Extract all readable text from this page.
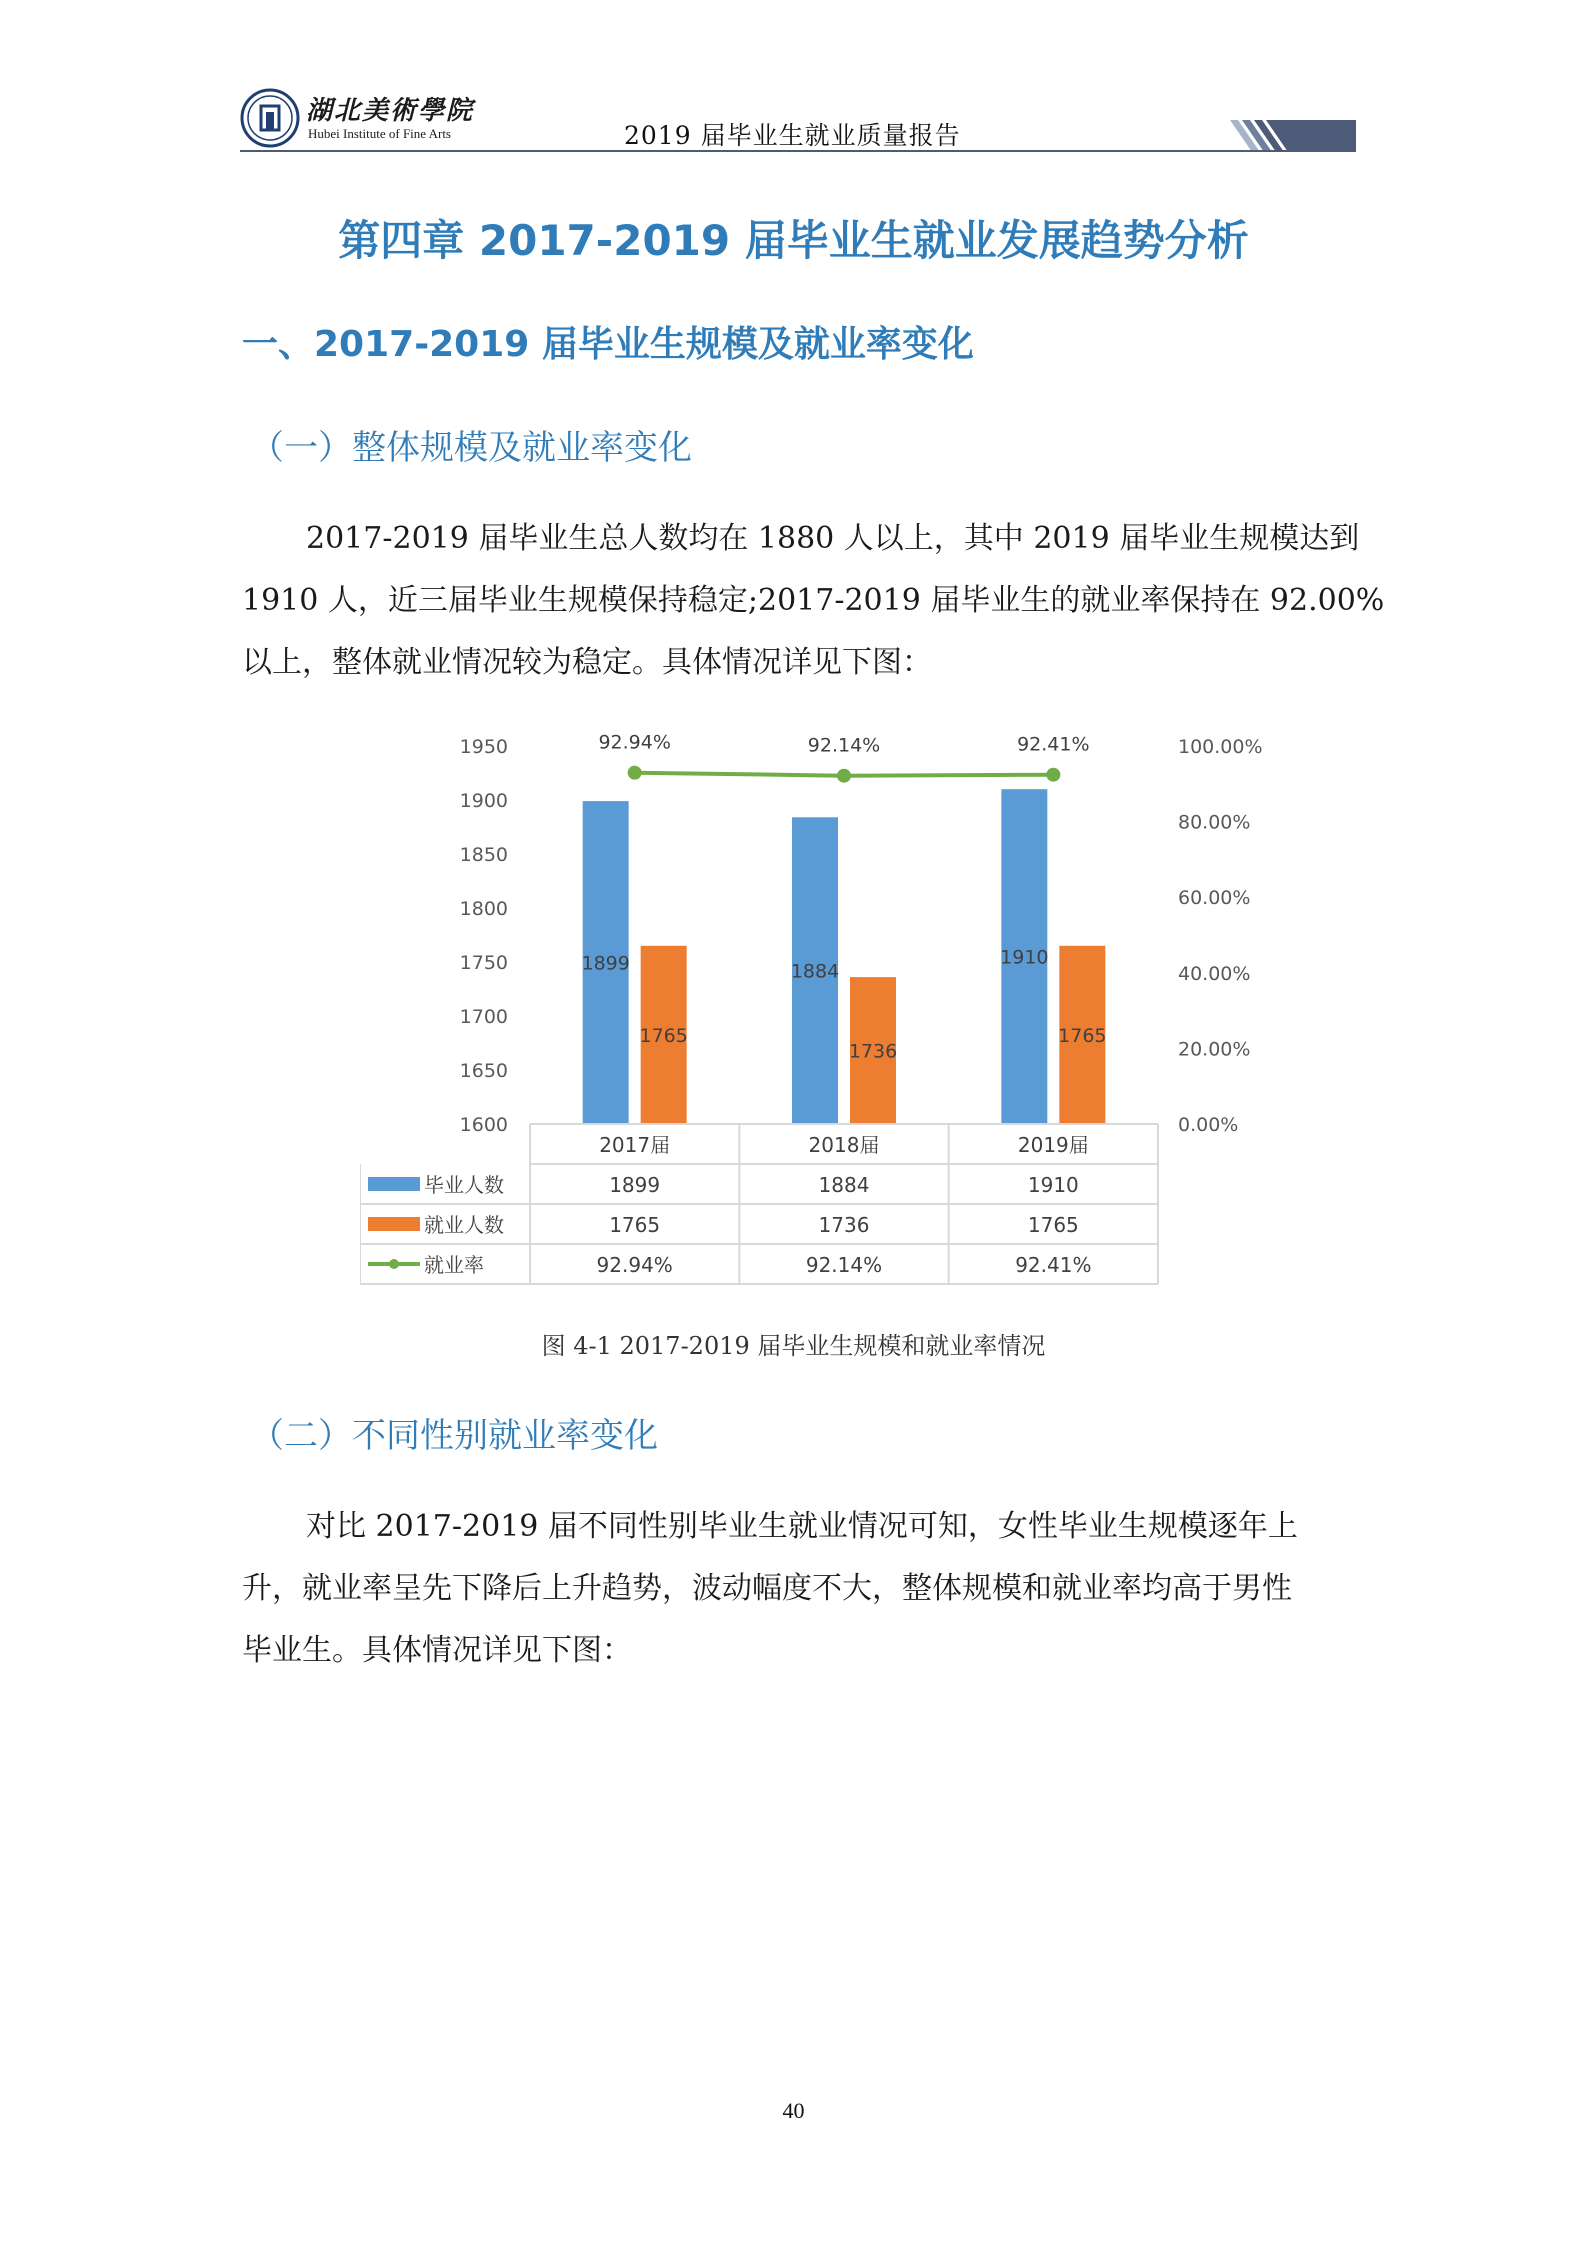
湖北美術學院
Hubei Institute of Fine Arts	2019 届毕业生就业质量报告
第四章 2017-2019 届毕业生就业发展趋势分析
一、2017-2019 届毕业生规模及就业率变化
（一）整体规模及就业率变化
2017-2019 届毕业生总人数均在 1880 人以上，其中 2019 届毕业生规模达到
1910 人，近三届毕业生规模保持稳定;2017-2019 届毕业生的就业率保持在 92.00%
以上，整体就业情况较为稳定。具体情况详见下图：
1600
1650
1700
1750
1800
1850
1900
1950
0.00%
20.00%
40.00%
60.00%
80.00%
100.00%
1899	1884
1910
1765
1736
1765
92.94%	92.14%	92.41%
2017届	2018届	2019届
毕业人数	1899	1884	1910
就业人数	1765	1736	1765
就业率	92.94%	92.14%	92.41%
图 4-1 2017-2019 届毕业生规模和就业率情况
（二）不同性别就业率变化
对比 2017-2019 届不同性别毕业生就业情况可知，女性毕业生规模逐年上
升，就业率呈先下降后上升趋势，波动幅度不大，整体规模和就业率均高于男性
毕业生。具体情况详见下图：
40
